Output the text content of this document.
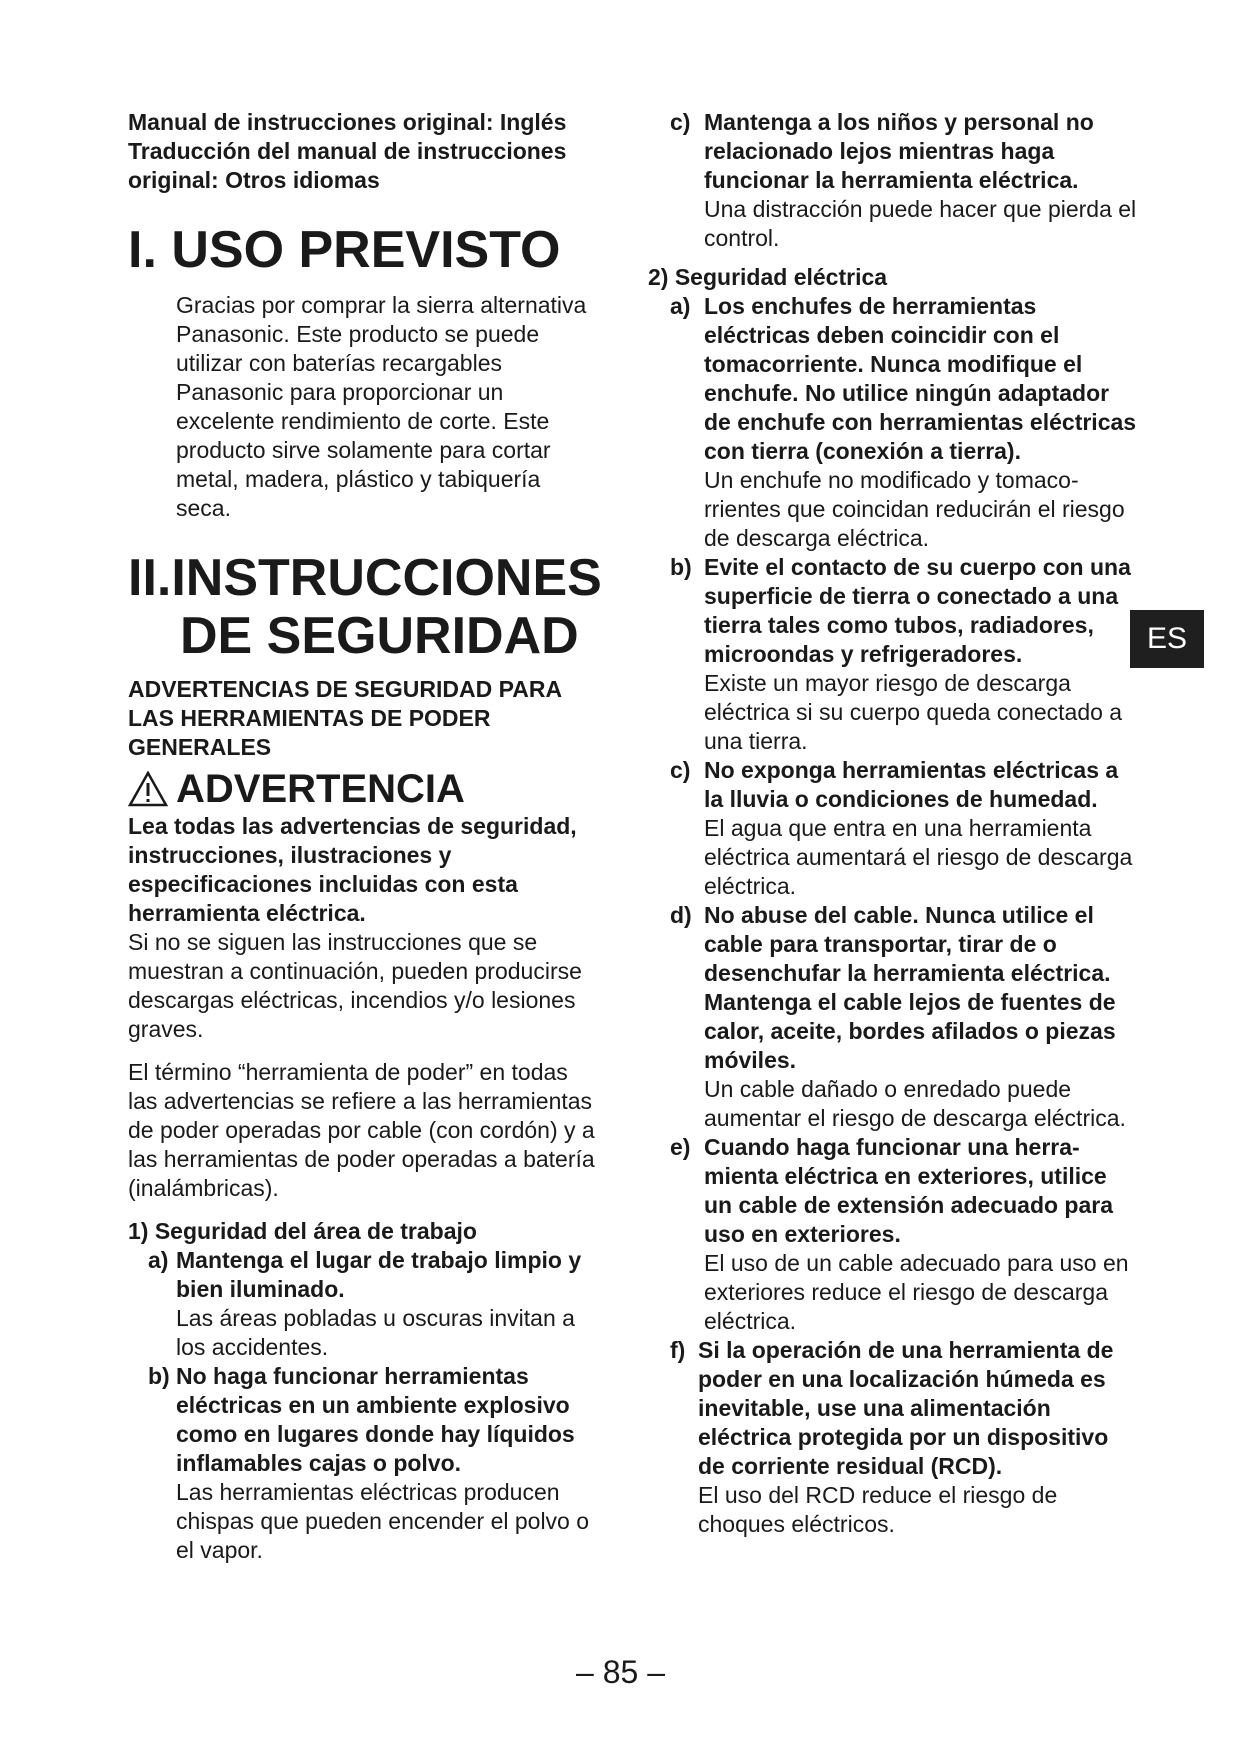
Manual de instrucciones original: Inglés

Traducción del manual de instrucciones

original: Otros idiomas

I. USO PREVISTO

Gracias por comprar la sierra alternativa Panasonic. Este producto se puede utilizar con baterías recargables Panasonic para proporcionar un excelente rendimiento de corte. Este producto sirve solamente para cortar metal, madera, plástico y tabiquería seca.

II. INSTRUCCIONES
DE SEGURIDAD

ADVERTENCIAS DE SEGURIDAD PARA LAS HERRAMIENTAS DE PODER GENERALES

ADVERTENCIA

Lea todas las advertencias de seguridad, instrucciones, ilustraciones y especificaciones incluidas con esta herramienta eléctrica.

Si no se siguen las instrucciones que se muestran a continuación, pueden producirse descargas eléctricas, incendios y/o lesiones graves.

El término “herramienta de poder” en todas las advertencias se refiere a las herramientas de poder operadas por cable (con cordón) y a las herramientas de poder operadas a batería (inalámbricas).

1) Seguridad del área de trabajo

a) Mantenga el lugar de trabajo limpio y bien iluminado.

Las áreas pobladas u oscuras invitan a los accidentes.

b) No haga funcionar herramientas eléctricas en un ambiente explosivo como en lugares donde hay líquidos inflamables cajas o polvo.

Las herramientas eléctricas producen chispas que pueden encender el polvo o el vapor.

c) Mantenga a los niños y personal no relacionado lejos mientras haga funcionar la herramienta eléctrica.

Una distracción puede hacer que pierda el control.

2) Seguridad eléctrica

a) Los enchufes de herramientas eléctricas deben coincidir con el tomacorriente. Nunca modifique el enchufe. No utilice ningún adaptador de enchufe con herramientas eléctricas con tierra (conexión a tierra).

Un enchufe no modificado y tomacorrientes que coincidan reducirán el riesgo de descarga eléctrica.

b) Evite el contacto de su cuerpo con una superficie de tierra o conectado a una tierra tales como tubos, radiadores, microondas y refrigeradores.

Existe un mayor riesgo de descarga eléctrica si su cuerpo queda conectado a una tierra.

c) No exponga herramientas eléctricas a la lluvia o condiciones de humedad.

El agua que entra en una herramienta eléctrica aumentará el riesgo de descarga eléctrica.

d) No abuse del cable. Nunca utilice el cable para transportar, tirar de o desenchufar la herramienta eléctrica. Mantenga el cable lejos de fuentes de calor, aceite, bordes afilados o piezas móviles.

Un cable dañado o enredado puede aumentar el riesgo de descarga eléctrica.

e) Cuando haga funcionar una herramienta eléctrica en exteriores, utilice un cable de extensión adecuado para uso en exteriores.

El uso de un cable adecuado para uso en exteriores reduce el riesgo de descarga eléctrica.

f) Si la operación de una herramienta de poder en una localización húmeda es inevitable, use una alimentación eléctrica protegida por un dispositivo de corriente residual (RCD).

El uso del RCD reduce el riesgo de choques eléctricos.

ES
– 85 –
